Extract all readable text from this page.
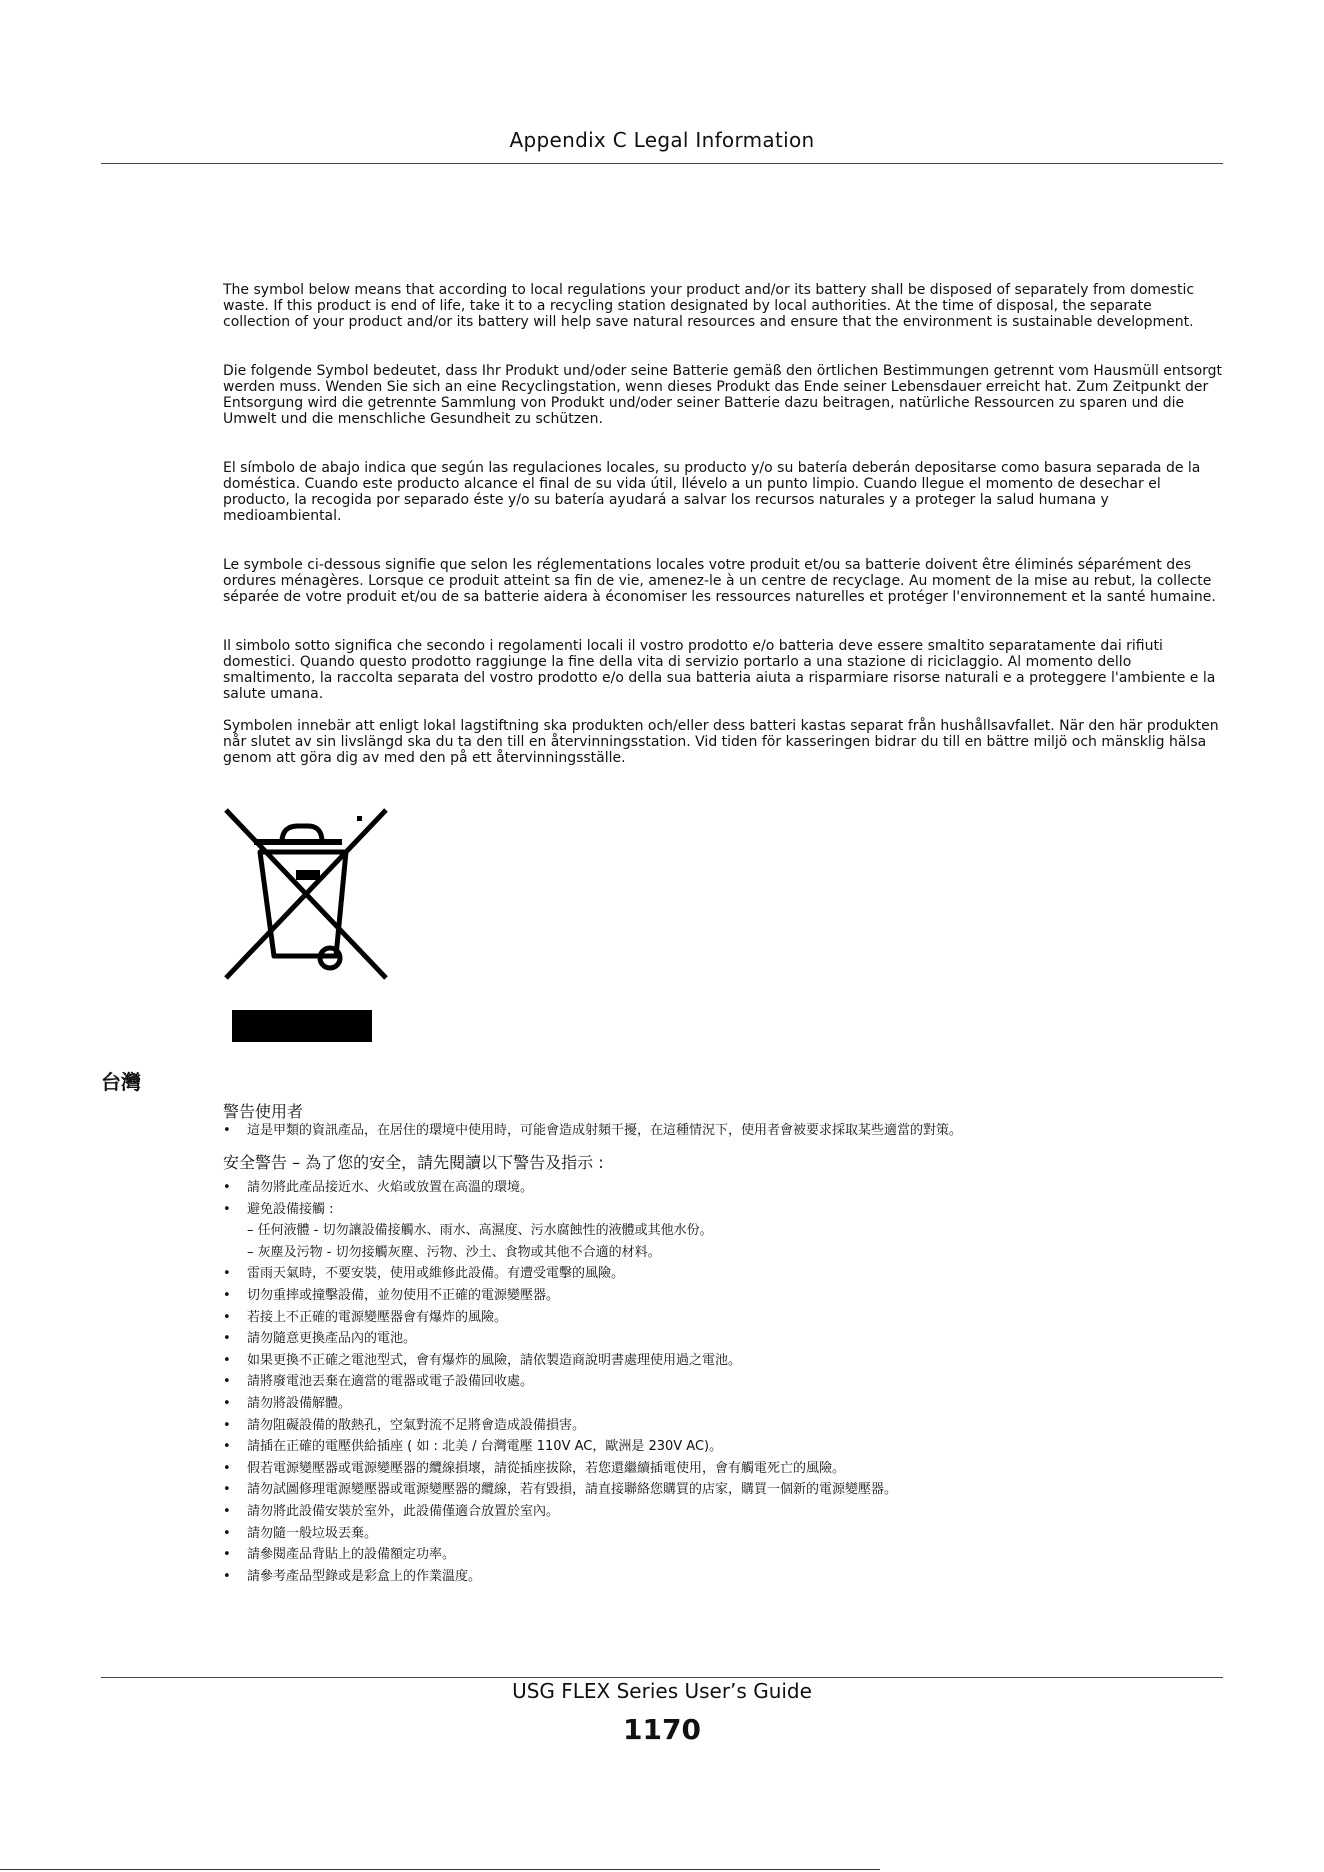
Appendix C Legal Information

The symbol below means that according to local regulations your product and/or its battery shall be disposed of separately from domestic waste. If this product is end of life, take it to a recycling station designated by local authorities. At the time of disposal, the separate collection of your product and/or its battery will help save natural resources and ensure that the environment is sustainable development.

Die folgende Symbol bedeutet, dass Ihr Produkt und/oder seine Batterie gemäß den örtlichen Bestimmungen getrennt vom Hausmüll entsorgt werden muss. Wenden Sie sich an eine Recyclingstation, wenn dieses Produkt das Ende seiner Lebensdauer erreicht hat. Zum Zeitpunkt der Entsorgung wird die getrennte Sammlung von Produkt und/oder seiner Batterie dazu beitragen, natürliche Ressourcen zu sparen und die Umwelt und die menschliche Gesundheit zu schützen.

El símbolo de abajo indica que según las regulaciones locales, su producto y/o su batería deberán depositarse como basura separada de la doméstica. Cuando este producto alcance el final de su vida útil, llévelo a un punto limpio. Cuando llegue el momento de desechar el producto, la recogida por separado éste y/o su batería ayudará a salvar los recursos naturales y a proteger la salud humana y medioambiental.

Le symbole ci-dessous signifie que selon les réglementations locales votre produit et/ou sa batterie doivent être éliminés séparément des ordures ménagères. Lorsque ce produit atteint sa fin de vie, amenez-le à un centre de recyclage. Au moment de la mise au rebut, la collecte séparée de votre produit et/ou de sa batterie aidera à économiser les ressources naturelles et protéger l'environnement et la santé humaine.

Il simbolo sotto significa che secondo i regolamenti locali il vostro prodotto e/o batteria deve essere smaltito separatamente dai rifiuti domestici. Quando questo prodotto raggiunge la fine della vita di servizio portarlo a una stazione di riciclaggio. Al momento dello smaltimento, la raccolta separata del vostro prodotto e/o della sua batteria aiuta a risparmiare risorse naturali e a proteggere l'ambiente e la salute umana.

Symbolen innebär att enligt lokal lagstiftning ska produkten och/eller dess batteri kastas separat från hushållsavfallet. När den här produkten når slutet av sin livslängd ska du ta den till en återvinningsstation. Vid tiden för kasseringen bidrar du till en bättre miljö och mänsklig hälsa genom att göra dig av med den på ett återvinningsställe.

台灣
警告使用者
• 這是甲類的資訊產品，在居住的環境中使用時，可能會造成射頻干擾，在這種情況下，使用者會被要求採取某些適當的對策。
安全警告 – 為了您的安全，請先閱讀以下警告及指示 :
• 請勿將此產品接近水、火焰或放置在高溫的環境。
• 避免設備接觸 :
– 任何液體 - 切勿讓設備接觸水、雨水、高濕度、污水腐蝕性的液體或其他水份。
– 灰塵及污物 - 切勿接觸灰塵、污物、沙土、食物或其他不合適的材料。
• 雷雨天氣時，不要安裝，使用或維修此設備。有遭受電擊的風險。
• 切勿重摔或撞擊設備，並勿使用不正確的電源變壓器。
• 若接上不正確的電源變壓器會有爆炸的風險。
• 請勿隨意更換產品內的電池。
• 如果更換不正確之電池型式，會有爆炸的風險，請依製造商說明書處理使用過之電池。
• 請將廢電池丟棄在適當的電器或電子設備回收處。
• 請勿將設備解體。
• 請勿阻礙設備的散熱孔，空氣對流不足將會造成設備損害。
• 請插在正確的電壓供給插座 ( 如 : 北美 / 台灣電壓 110V AC，歐洲是 230V AC)。
• 假若電源變壓器或電源變壓器的纜線損壞，請從插座拔除，若您還繼續插電使用，會有觸電死亡的風險。
• 請勿試圖修理電源變壓器或電源變壓器的纜線，若有毀損，請直接聯絡您購買的店家，購買一個新的電源變壓器。
• 請勿將此設備安裝於室外，此設備僅適合放置於室內。
• 請勿隨一般垃圾丟棄。
• 請參閱產品背貼上的設備額定功率。
• 請參考產品型錄或是彩盒上的作業溫度。
USG FLEX Series User’s Guide
1170
